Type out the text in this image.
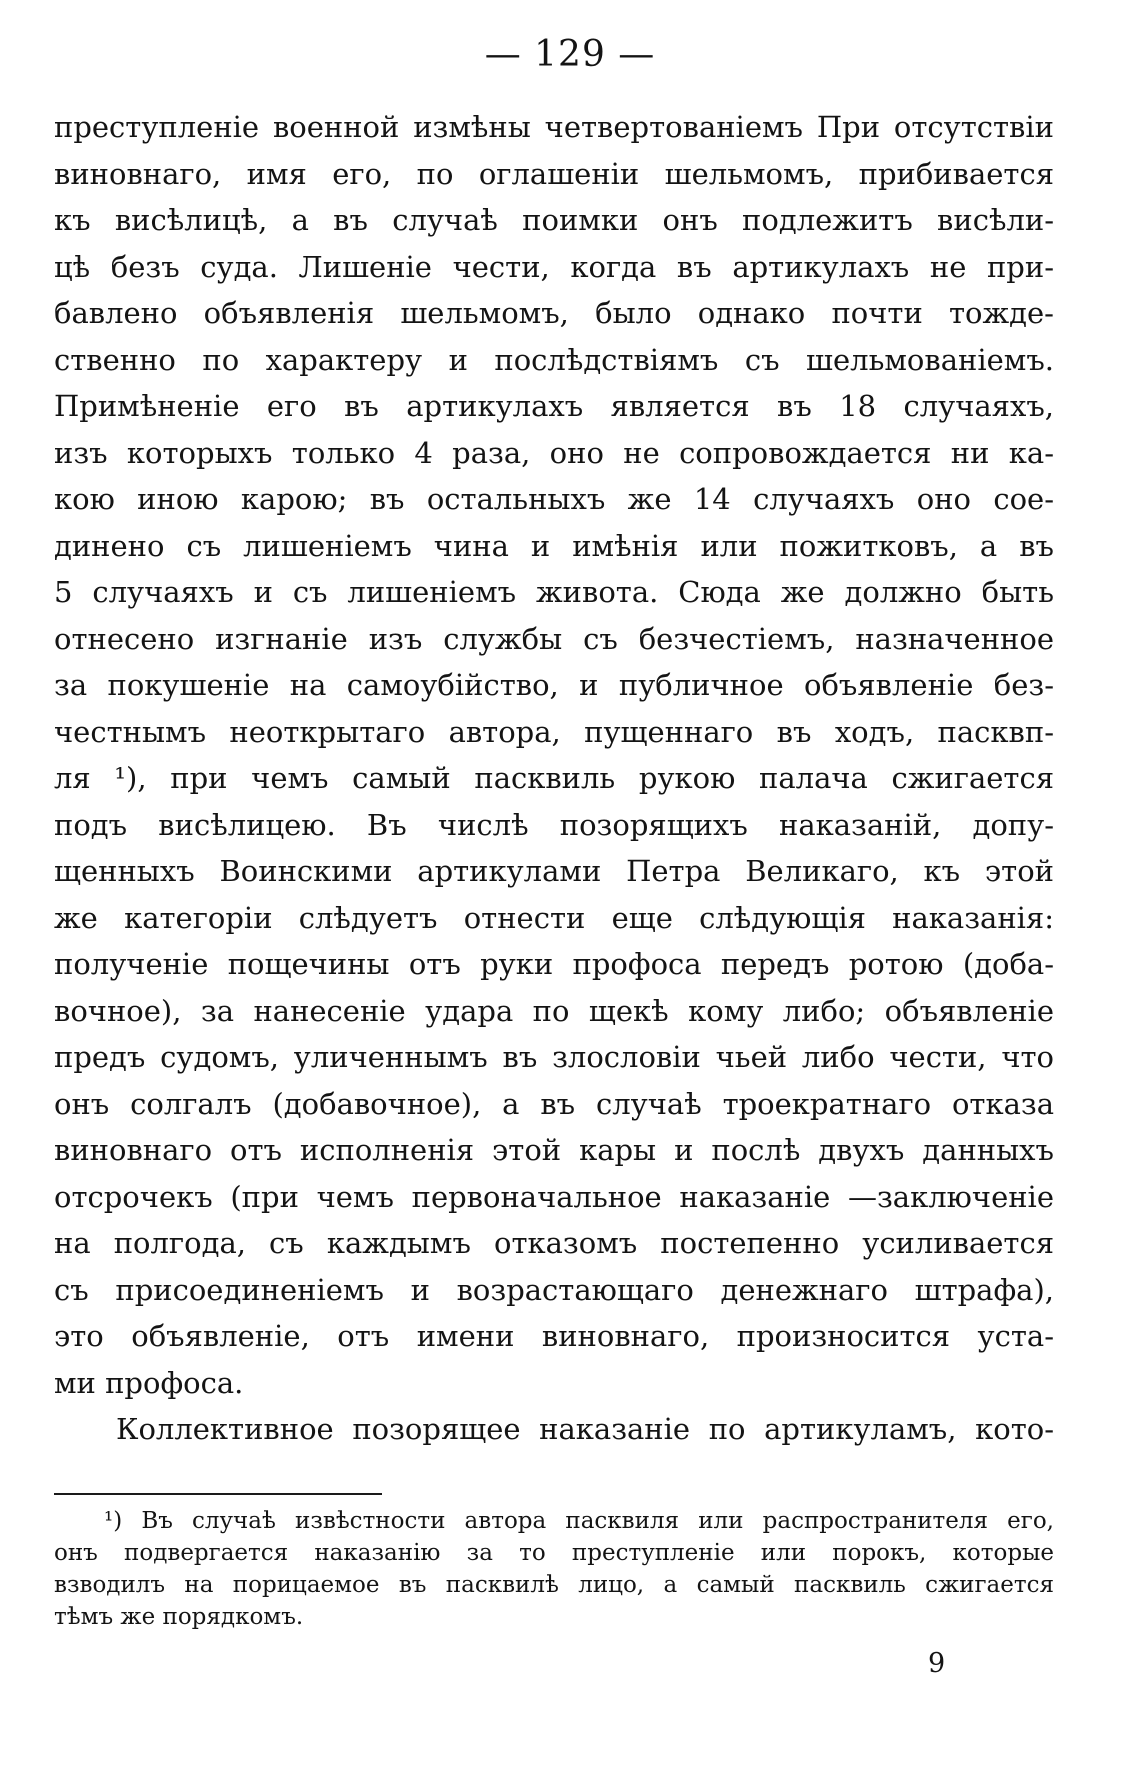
— 129 —
преступленіе военной измѣны четвертованіемъ При отсутствіи
виновнаго, имя его, по оглашеніи шельмомъ, прибивается
къ висѣлицѣ, а въ случаѣ поимки онъ подлежитъ висѣли-
цѣ безъ суда. Лишеніе чести, когда въ артикулахъ не при-
бавлено объявленія шельмомъ, было однако почти тожде-
ственно по характеру и послѣдствіямъ съ шельмованіемъ.
Примѣненіе его въ артикулахъ является въ 18 случаяхъ,
изъ которыхъ только 4 раза, оно не сопровождается ни ка-
кою иною карою; въ остальныхъ же 14 случаяхъ оно сое-
динено съ лишеніемъ чина и имѣнія или пожитковъ, а въ
5 случаяхъ и съ лишеніемъ живота. Сюда же должно быть
отнесено изгнаніе изъ службы съ безчестіемъ, назначенное
за покушеніе на самоубійство, и публичное объявленіе без-
честнымъ неоткрытаго автора, пущеннаго въ ходъ, пасквп-
ля ¹), при чемъ самый пасквиль рукою палача сжигается
подъ висѣлицею. Въ числѣ позорящихъ наказаній, допу-
щенныхъ Воинскими артикулами Петра Великаго, къ этой
же категоріи слѣдуетъ отнести еще слѣдующія наказанія:
полученіе пощечины отъ руки профоса передъ ротою (доба-
вочное), за нанесеніе удара по щекѣ кому либо; объявленіе
предъ судомъ, уличеннымъ въ злословіи чьей либо чести, что
онъ солгалъ (добавочное), а въ случаѣ троекратнаго отказа
виновнаго отъ исполненія этой кары и послѣ двухъ данныхъ
отсрочекъ (при чемъ первоначальное наказаніе —заключеніе
на полгода, съ каждымъ отказомъ постепенно усиливается
съ присоединеніемъ и возрастающаго денежнаго штрафа),
это объявленіе, отъ имени виновнаго, произносится уста-
ми профоса.
Коллективное позорящее наказаніе по артикуламъ, кото-
¹) Въ случаѣ извѣстности автора пасквиля или распространителя его,
онъ подвергается наказанію за то преступленіе или порокъ, которые
взводилъ на порицаемое въ пасквилѣ лицо, а самый пасквиль сжигается
тѣмъ же порядкомъ.
9
